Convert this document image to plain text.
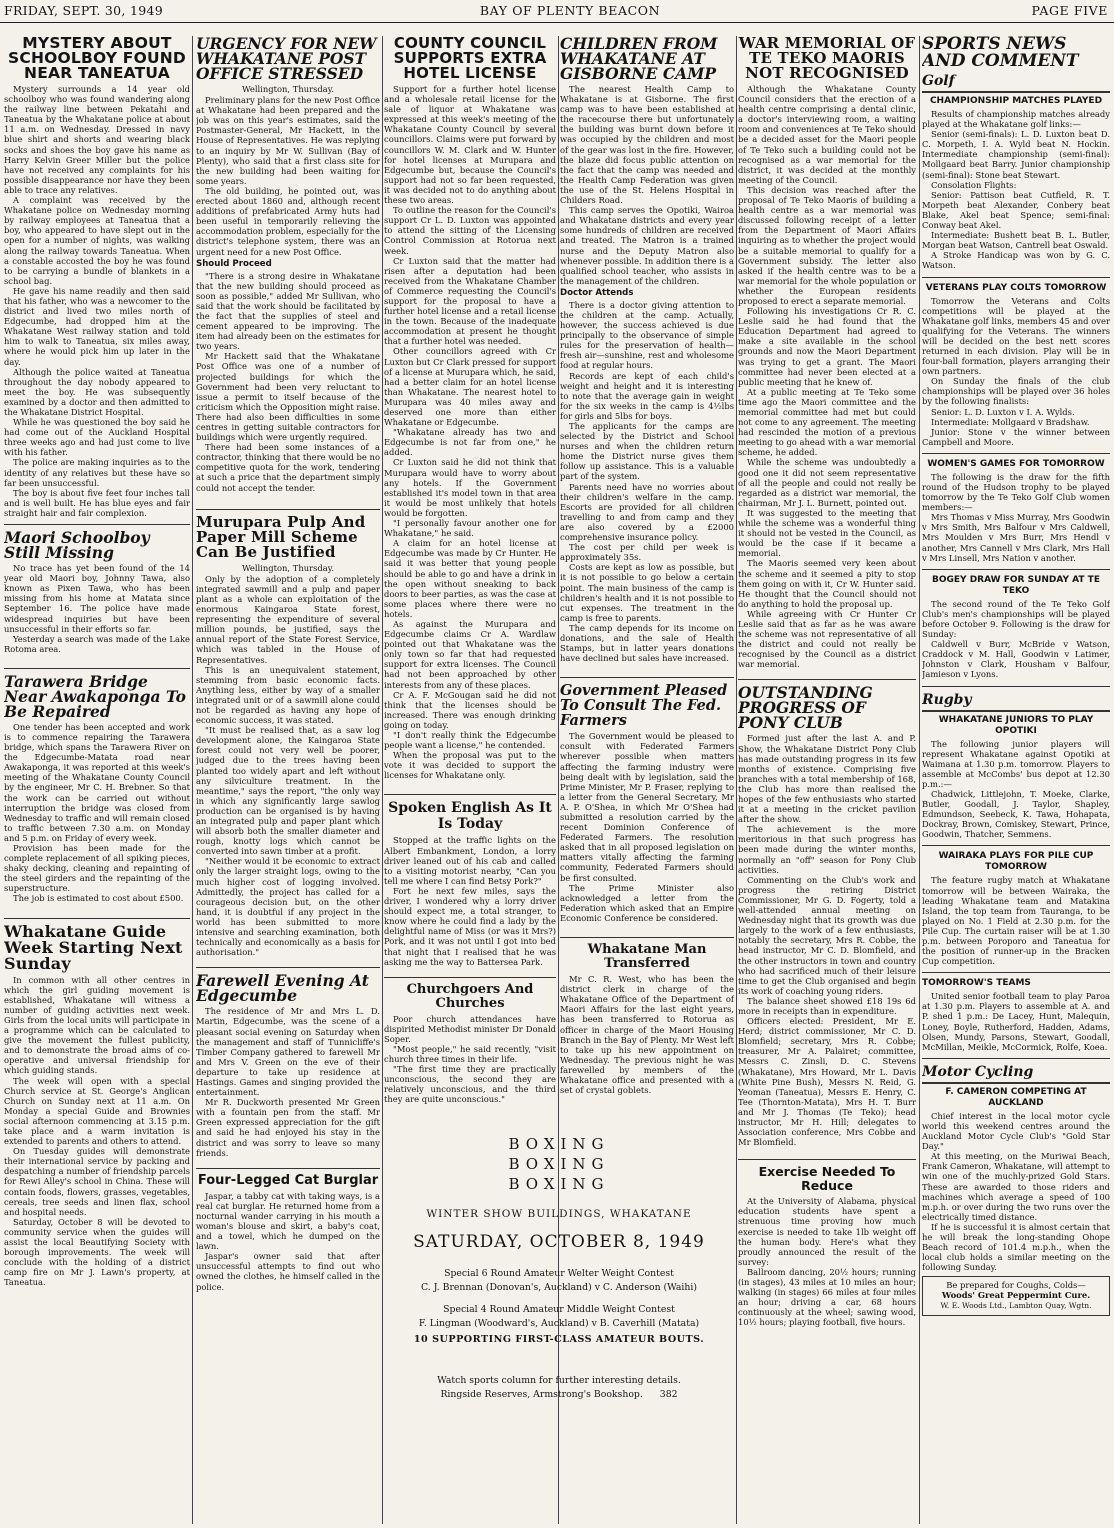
FRIDAY, SEPT. 30, 1949	BAY OF PLENTY BEACON	PAGE FIVE
MYSTERY ABOUT SCHOOLBOY FOUND NEAR TANEATUA

Mystery surrounds a 14 year old schoolboy who was found wandering along the railway line between Pekatahi and Taneatua by the Whakatane police at about 11 a.m. on Wednesday. Dressed in navy blue shirt and shorts and wearing black socks and shoes the boy gave his name as Harry Kelvin Greer Miller but the police have not received any complaints for his possible disappearance nor have they been able to trace any relatives.

A complaint was received by the Whakatane police on Wednesday morning by railway employees at Taneatua that a boy, who appeared to have slept out in the open for a number of nights, was walking along the railway towards Taneatua. When a constable accosted the boy he was found to be carrying a bundle of blankets in a school bag.

He gave his name readily and then said that his father, who was a newcomer to the district and lived two miles north of Edgecumbe, had dropped him at the Whakatane West railway station and told him to walk to Taneatua, six miles away, where he would pick him up later in the day.

Although the police waited at Taneatua throughout the day nobody appeared to meet the boy. He was subsequently examined by a doctor and then admitted to the Whakatane District Hospital.

While he was questioned the boy said he had come out of the Auckland Hospital three weeks ago and had just come to live with his father.

The police are making inquiries as to the identity of any relatives but these have so far been unsuccessful.

The boy is about five feet four inches tall and is well built. He has blue eyes and fair straight hair and fair complexion.

Maori Schoolboy Still Missing

No trace has yet been found of the 14 year old Maori boy, Johnny Tawa, also known as Pixen Tawa, who has been missing from his home at Matata since September 16. The police have made widespread inquiries but have been unsuccessful in their efforts so far.

Yesterday a search was made of the Lake Rotoma area.

Tarawera Bridge Near Awakaponga To Be Repaired

One tender has been accepted and work is to commence repairing the Tarawera bridge, which spans the Tarawera River on the Edgecumbe-Matata road near Awakaponga, it was reported at this week's meeting of the Whakatane County Council by the engineer, Mr C. H. Brebner. So that the work can be carried out without interruption the bridge was closed from Wednesday to traffic and will remain closed to traffic between 7.30 a.m. on Monday and 5 p.m. on Friday of every week.

Provision has been made for the complete replacement of all spiking pieces, shaky decking, cleaning and repainting of the steel girders and the repainting of the superstructure.

The job is estimated to cost about £500.

Whakatane Guide Week Starting Next Sunday

In common with all other centres in which the girl guiding movement is established, Whakatane will witness a number of guiding activities next week. Girls from the local units will participate in a programme which can be calculated to give the movement the fullest publicity, and to demonstrate the broad aims of co-operative and universal friendship for which guiding stands.

The week will open with a special Church service at St. George's Anglican Church on Sunday next at 11 a.m. On Monday a special Guide and Brownies social afternoon commencing at 3.15 p.m. take place and a warm invitation is extended to parents and others to attend.

On Tuesday guides will demonstrate their international service by packing and despatching a number of friendship parcels for Rewi Alley's school in China. These will contain foods, flowers, grasses, vegetables, cereals, tree seeds and linen flax, school and hospital needs.

Saturday, October 8 will be devoted to community service when the guides will assist the local Beautifying Society with borough improvements. The week will conclude with the holding of a district camp fire on Mr J. Lawn's property, at Taneatua.

URGENCY FOR NEW WHAKATANE POST OFFICE STRESSED
Wellington, Thursday.

Preliminary plans for the new Post Office at Whakatane had been prepared and the job was on this year's estimates, said the Postmaster-General, Mr Hackett, in the House of Representatives. He was replying to an inquiry by Mr W. Sullivan (Bay of Plenty), who said that a first class site for the new building had been waiting for some years.

The old building, he pointed out, was erected about 1860 and, although recent additions of prefabricated Army huts had been useful in temporarily relieving the accommodation problem, especially for the district's telephone system, there was an urgent need for a new Post Office.

Should Proceed

"There is a strong desire in Whakatane that the new building should proceed as soon as possible," added Mr Sullivan, who said that the work should be facilitated by the fact that the supplies of steel and cement appeared to be improving. The item had already been on the estimates for two years.

Mr Hackett said that the Whakatane Post Office was one of a number of projected buildings for which the Government had been very reluctant to issue a permit to itself because of the criticism which the Opposition might raise. There had also been difficulties in some centres in getting suitable contractors for buildings which were urgently required.

There had been some instances of a contractor, thinking that there would be no competitive quota for the work, tendering at such a price that the department simply could not accept the tender.

Murupara Pulp And Paper Mill Scheme Can Be Justified
Wellington, Thursday.

Only by the adoption of a completely integrated sawmill and a pulp and paper plant as a whole can exploitation of the enormous Kaingaroa State forest, representing the expenditure of several million pounds, be justified, says the annual report of the State Forest Service, which was tabled in the House of Representatives.

This is an unequivalent statement, stemming from basic economic facts. Anything less, either by way of a smaller integrated unit or of a sawmill alone could not be regarded as having any hope of economic success, it was stated.

"It must be realised that, as a saw log development alone, the Kaingaroa State forest could not very well be poorer, judged due to the trees having been planted too widely apart and left without any silviculture treatment. In the meantime," says the report, "the only way in which any significantly large sawlog production can be organised is by having an integrated pulp and paper plant which will absorb both the smaller diameter and rough, knotty logs which cannot be converted into sawn timber at a profit.

"Neither would it be economic to extract only the larger straight logs, owing to the much higher cost of logging involved. Admittedly, the project has called for a courageous decision but, on the other hand, it is doubtful if any project in the world has been submitted to more intensive and searching examination, both technically and economically as a basis for authorisation."

Farewell Evening At Edgecumbe

The residence of Mr and Mrs L. D. Martin, Edgecumbe, was the scene of a pleasant social evening on Saturday when the management and staff of Tunnicliffe's Timber Company gathered to farewell Mr and Mrs V. Green on the eve of their departure to take up residence at Hastings. Games and singing provided the entertainment.

Mr R. Duckworth presented Mr Green with a fountain pen from the staff. Mr Green expressed appreciation for the gift and said he had enjoyed his stay in the district and was sorry to leave so many friends.

Four-Legged Cat Burglar

Jaspar, a tabby cat with taking ways, is a real cat burglar. He returned home from a nocturnal wander carrying in his mouth a woman's blouse and skirt, a baby's coat, and a towel, which he dumped on the lawn.

Jaspar's owner said that after unsuccessful attempts to find out who owned the clothes, he himself called in the police.

COUNTY COUNCIL SUPPORTS EXTRA HOTEL LICENSE

Support for a further hotel license and a wholesale retail license for the sale of liquor at Whakatane was expressed at this week's meeting of the Whakatane County Council by several councillors. Claims were put forward by councillors W. M. Clark and W. Hunter for hotel licenses at Murupara and Edgecumbe but, because the Council's support had not so far been requested, it was decided not to do anything about these two areas.

To outline the reason for the Council's support Cr L. D. Luxton was appointed to attend the sitting of the Licensing Control Commission at Rotorua next week.

Cr Luxton said that the matter had risen after a deputation had been received from the Whakatane Chamber of Commerce requesting the Council's support for the proposal to have a further hotel license and a retail license in the town. Because of the inadequate accommodation at present he thought that a further hotel was needed.

Other councillors agreed with Cr Luxton but Cr Clark pressed for support of a license at Murupara which, he said, had a better claim for an hotel license than Whakatane. The nearest hotel to Murupara was 40 miles away and deserved one more than either Whakatane or Edgecumbe.

"Whakatane already has two and Edgecumbe is not far from one," he added.

Cr Luxton said he did not think that Murupara would have to worry about any hotels. If the Government established it's model town in that area it would be most unlikely that hotels would be forgotten.

"I personally favour another one for Whakatane," he said.

A claim for an hotel license at Edgecumbe was made by Cr Hunter. He said it was better that young people should be able to go and have a drink in the open without sneaking to back doors to beer parties, as was the case at some places where there were no hotels.

As against the Murupara and Edgecumbe claims Cr A. Wardlaw pointed out that Whakatane was the only town so far that had requested support for extra licenses. The Council had not been approached by other interests from any of these places.

Cr A. F. McGougan said he did not think that the licenses should be increased. There was enough drinking going on today.

"I don't really think the Edgecumbe people want a license," he contended.

When the proposal was put to the vote it was decided to support the licenses for Whakatane only.

Spoken English As It Is Today

Stopped at the traffic lights on the Albert Embankment, London, a lorry driver leaned out of his cab and called to a visiting motorist nearby, "Can you tell me where I can find Betsy Pork?"

Fort he next few miles, says the driver, I wondered why a lorry driver should expect me, a total stranger, to know where he could find a lady by the delightful name of Miss (or was it Mrs?) Pork, and it was not until I got into bed that night that I realised that he was asking me the way to Battersea Park.

Churchgoers And Churches

Poor church attendances have dispirited Methodist minister Dr Donald Soper.

"Most people," he said recently, "visit church three times in their life.

"The first time they are practically unconscious, the second they are relatively unconscious, and the third they are quite unconscious."

CHILDREN FROM WHAKATANE AT GISBORNE CAMP

The nearest Health Camp to Whakatane is at Gisborne. The first camp was to have been established at the racecourse there but unfortunately the building was burnt down before it was occupied by the children and most of the gear was lost in the fire. However, the blaze did focus public attention on the fact that the camp was needed and the Health Camp Federation was given the use of the St. Helens Hospital in Childers Road.

This camp serves the Opotiki, Wairoa and Whakatane districts and every year some hundreds of children are received and treated. The Matron is a trained nurse and the Deputy Matron also whenever possible. In addition there is a qualified school teacher, who assists in the management of the children.

Doctor Attends

There is a doctor giving attention to the children at the camp. Actually, however, the success achieved is due principally to the observance of simple rules for the preservation of health—fresh air—sunshine, rest and wholesome food at regular hours.

Records are kept of each child's weight and height and it is interesting to note that the average gain in weight for the six weeks in the camp is 4½lbs for girls and 5lbs for boys.

The applicants for the camps are selected by the District and School nurses and when the children return home the District nurse gives them follow up assistance. This is a valuable part of the system.

Parents need have no worries about their children's welfare in the camp. Escorts are provided for all children travelling to and from camp and they are also covered by a £2000 comprehensive insurance policy.

The cost per child per week is approximately 35s.

Costs are kept as low as possible, but it is not possible to go below a certain point. The main business of the camp is children's health and it is not possible to cut expenses. The treatment in the camp is free to parents.

The camp depends for its income on donations, and the sale of Health Stamps, but in latter years donations have declined but sales have increased.

Government Pleased To Consult The Fed. Farmers

The Government would be pleased to consult with Federated Farmers wherever possible when matters affecting the farming industry were being dealt with by legislation, said the Prime Minister, Mr P. Fraser, replying to a letter from the General Secretary, Mr A. P. O'Shea, in which Mr O'Shea had submitted a resolution carried by the recent Dominion Conference of Federated Farmers. The resolution asked that in all proposed legislation on matters vitally affecting the farming community, Federated Farmers should be first consulted.

The Prime Minister also acknowledged a letter from the Federation which asked that an Empire Economic Conference be considered.

Whakatane Man Transferred

Mr C. R. West, who has been the district clerk in charge of the Whakatane Office of the Department of Maori Affairs for the last eight years, has been transferred to Rotorua as officer in charge of the Maori Housing Branch in the Bay of Plenty. Mr West left to take up his new appointment on Wednesday. The previous night he was farewelled by members of the Whakatane office and presented with a set of crystal goblets.

BOXING
BOXING
BOXING
WINTER SHOW BUILDINGS, WHAKATANE
SATURDAY, OCTOBER 8, 1949
Special 6 Round Amateur Welter Weight Contest
C. J. Brennan (Donovan's, Auckland) v C. Anderson (Waihi)
Special 4 Round Amateur Middle Weight Contest
F. Lingman (Woodward's, Auckland) v B. Caverhill (Matata)
10 SUPPORTING FIRST-CLASS AMATEUR BOUTS.
Watch sports column for further interesting details.
Ringside Reserves, Armstrong's Bookshop. 382
WAR MEMORIAL OF TE TEKO MAORIS NOT RECOGNISED

Although the Whakatane County Council considers that the erection of a health centre comprising a dental clinic, a doctor's interviewing room, a waiting room and conveniences at Te Teko should be a decided asset for the Maori people of Te Teko such a building could not be recognised as a war memorial for the district, it was decided at the monthly meeting of the Council.

This decision was reached after the proposal of Te Teko Maoris of building a health centre as a war memorial was discussed following receipt of a letter from the Department of Maori Affairs inquiring as to whether the project would be a suitable memorial to qualify for a Government subsidy. The letter also asked if the health centre was to be a war memorial for the whole population or whether the European residents proposed to erect a separate memorial.

Following his investigations Cr R. C. Leslie said he had found that the Education Department had agreed to make a site available in the school grounds and now the Maori Department was trying to get a grant. The Maori committee had never been elected at a public meeting that he knew of.

At a public meeting at Te Teko some time ago the Maori committee and the memorial committee had met but could not come to any agreement. The meeting had rescinded the motion of a previous meeting to go ahead with a war memorial scheme, he added.

While the scheme was undoubtedly a good one it did not seem representative of all the people and could not really be regarded as a district war memorial, the chairman, Mr J. L. Burnett, pointed out.

It was suggested to the meeting that while the scheme was a wonderful thing it should not be vested in the Council, as would be the case if it became a memorial.

The Maoris seemed very keen about the scheme and it seemed a pity to stop them going on with it, Cr W. Hunter said. He thought that the Council should not do anything to hold the proposal up.

While agreeing with Cr Hunter Cr Leslie said that as far as he was aware the scheme was not representative of all the district and could not really be recognised by the Council as a district war memorial.

OUTSTANDING PROGRESS OF PONY CLUB

Formed just after the last A. and P. Show, the Whakatane District Pony Club has made outstanding progress in its few months of existence. Comprising five branches with a total membership of 168, the Club has more than realised the hopes of the few enthusiasts who started it at a meeting in the cricket pavilion after the show.

The achievement is the more meritorious in that such progress has been made during the winter months, normally an "off" season for Pony Club activities.

Commenting on the Club's work and progress the retiring District Commissioner, Mr G. D. Fogerty, told a well-attended annual meeting on Wednesday night that its growth was due largely to the work of a few enthusiasts, notably the secretary, Mrs R. Cobbe, the head instructor, Mr C. D. Blomfield, and the other instructors in town and country who had sacrificed much of their leisure time to get the Club organised and begin its work of coaching young riders.

The balance sheet showed £18 19s 6d more in receipts than in expenditure.

Officers elected: President, Mr E. Herd; district commissioner, Mr C. D. Blomfield; secretary, Mrs R. Cobbe; treasurer, Mr A. Palairet; committee, Messrs C. Zinsli, D. C. Stevens (Whakatane), Mrs Howard, Mr L. Davis (White Pine Bush), Messrs N. Reid, G. Yeoman (Taneatua), Messrs E. Henry, C. Tee (Thornton-Matata), Mrs H. T. Burr and Mr J. Thomas (Te Teko); head instructor, Mr H. Hill; delegates to Association conference, Mrs Cobbe and Mr Blomfield.

Exercise Needed To Reduce

At the University of Alabama, physical education students have spent a strenuous time proving how much exercise is needed to take 1lb weight off the human body. Here's what they proudly announced the result of the survey:

Ballroom dancing, 20½ hours; running (in stages), 43 miles at 10 miles an hour; walking (in stages) 66 miles at four miles an hour; driving a car, 68 hours continuously at the wheel; sawing wood, 10½ hours; playing football, five hours.

SPORTS NEWS AND COMMENT
Golf
CHAMPIONSHIP MATCHES PLAYED

Results of championship matches already played at the Whakatane golf links:—

Senior (semi-finals): L. D. Luxton beat D. C. Morpeth, I. A. Wyld beat N. Hockin. Intermediate championship (semi-final): Mollgaard beat Barry. Junior championship (semi-final): Stone beat Stewart.

Consolation Flights:

Senior: Pattison beat Cutfield, R. T. Morpeth beat Alexander, Conbery beat Blake, Akel beat Spence; semi-final: Conway beat Akel.

Intermediate: Bushett beat B. L. Butler, Morgan beat Watson, Cantrell beat Oswald.

A Stroke Handicap was won by G. C. Watson.

VETERANS PLAY COLTS TOMORROW

Tomorrow the Veterans and Colts competitions will be played at the Whakatane golf links, members 45 and over qualifying for the Veterans. The winners will be decided on the best nett scores returned in each division. Play will be in four-ball formation, players arranging their own partners.

On Sunday the finals of the club championships will be played over 36 holes by the following finalists:

Senior: L. D. Luxton v I. A. Wylds.

Intermediate: Mollgaard v Bradshaw.

Junior: Stone v the winner between Campbell and Moore.

WOMEN'S GAMES FOR TOMORROW

The following is the draw for the fifth round of the Hudson trophy to be played tomorrow by the Te Teko Golf Club women members:—

Mrs Thomas v Miss Murray, Mrs Goodwin v Mrs Smith, Mrs Balfour v Mrs Caldwell, Mrs Moulden v Mrs Burr, Mrs Hendl v another, Mrs Cannell v Mrs Clark, Mrs Hall v Mrs Linsell, Mrs Nation v another.

BOGEY DRAW FOR SUNDAY AT TE TEKO

The second round of the Te Teko Golf Club's men's championships will be played before October 9. Following is the draw for Sunday:

Caldwell v Burr, McBride v Watson, Craddock v M. Hall, Goodwin v Latimer, Johnston v Clark, Housham v Balfour, Jamieson v Lyons.

Rugby
WHAKATANE JUNIORS TO PLAY OPOTIKI

The following junior players will represent Whakatane against Opotiki at Waimana at 1.30 p.m. tomorrow. Players to assemble at McCombs' bus depot at 12.30 p.m.:—

Chadwick, Littlejohn, T. Moeke, Clarke, Butler, Goodall, J. Taylor, Shapley, Edmundson, Seebeck, K. Tawa, Hohapata, Dockray, Brown, Comiskey, Stewart, Prince, Goodwin, Thatcher, Semmens.

WAIRAKA PLAYS FOR PILE CUP TOMORROW

The feature rugby match at Whakatane tomorrow will be between Wairaka, the leading Whakatane team and Matakina Island, the top team from Tauranga, to be played on No. 1 Field at 2.30 p.m. for the Pile Cup. The curtain raiser will be at 1.30 p.m. between Poroporo and Taneatua for the position of runner-up in the Bracken Cup competition.

TOMORROW'S TEAMS

United senior football team to play Paroa at 1.30 p.m. Players to assemble at A. and P. shed 1 p.m.: De Lacey, Hunt, Malequin, Loney, Boyle, Rutherford, Hadden, Adams, Olsen, Mundy, Parsons, Stewart, Goodall, McMillan, Meikle, McCormick, Rolfe, Koea.

Motor Cycling
F. CAMERON COMPETING AT AUCKLAND

Chief interest in the local motor cycle world this weekend centres around the Auckland Motor Cycle Club's "Gold Star Day."

At this meeting, on the Muriwai Beach, Frank Cameron, Whakatane, will attempt to win one of the muchly-prized Gold Stars. These are awarded to those riders and machines which average a speed of 100 m.p.h. or over during the two runs over the electrically timed distance.

If he is successful it is almost certain that he will break the long-standing Ohope Beach record of 101.4 m.p.h., when the local club holds a similar meeting on the following Sunday.

Be prepared for Coughs, Colds—

Woods' Great Peppermint Cure.

W. E. Woods Ltd., Lambton Quay, Wgtn.
